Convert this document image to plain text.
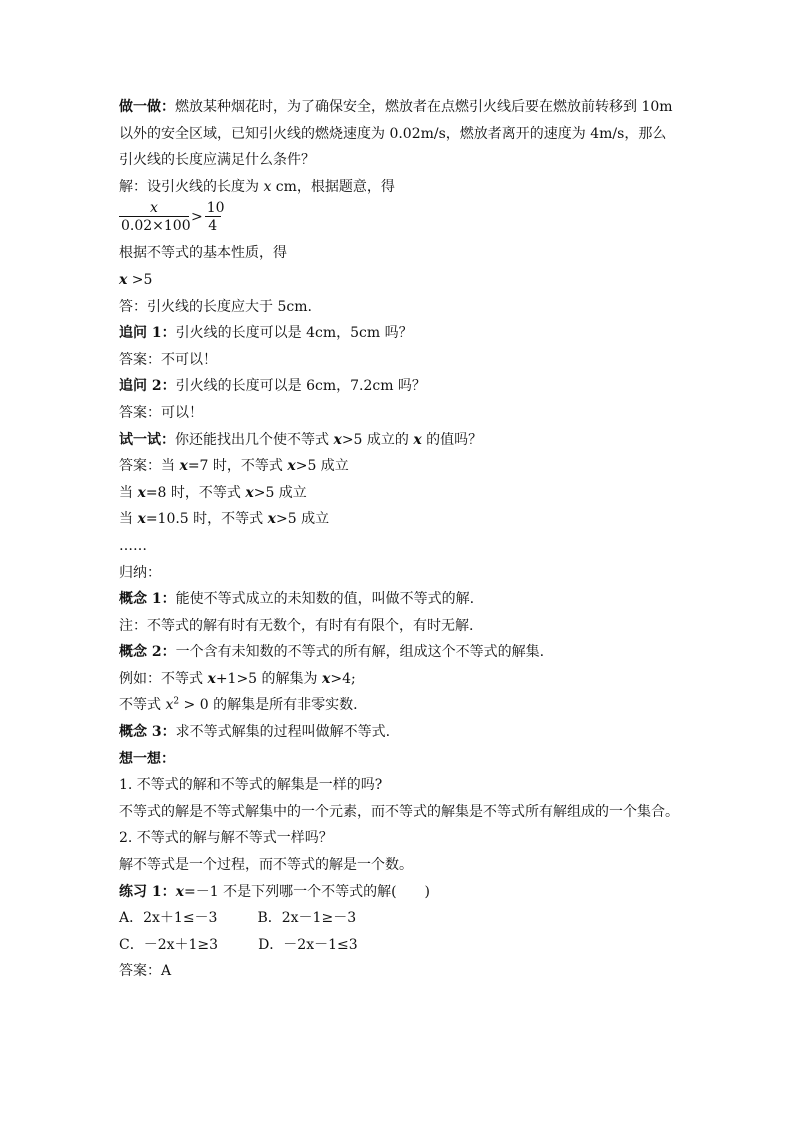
做一做：燃放某种烟花时，为了确保安全，燃放者在点燃引火线后要在燃放前转移到 10m 以外的安全区域，已知引火线的燃烧速度为 0.02m/s，燃放者离开的速度为 4m/s，那么引火线的长度应满足什么条件？
解：设引火线的长度为 x cm，根据题意，得
$\frac{x}{0.02\times 100} > \frac{10}{4}$
根据不等式的基本性质，得
x >5
答：引火线的长度应大于 5cm.
追问 1：引火线的长度可以是 4cm，5cm 吗？
答案：不可以！
追问 2：引火线的长度可以是 6cm，7.2cm 吗？
答案：可以！
试一试：你还能找出几个使不等式 x>5 成立的 x 的值吗？
答案：当 x=7 时，不等式 x>5 成立
当 x=8 时，不等式 x>5 成立
当 x=10.5 时，不等式 x>5 成立
……
归纳：
概念 1：能使不等式成立的未知数的值，叫做不等式的解.
注：不等式的解有时有无数个，有时有有限个，有时无解.
概念 2：一个含有未知数的不等式的所有解，组成这个不等式的解集.
例如：不等式 x+1>5 的解集为 x>4;
不等式 $x^2 > 0$ 的解集是所有非零实数.
概念 3：求不等式解集的过程叫做解不等式.
想一想：
1. 不等式的解和不等式的解集是一样的吗?
不等式的解是不等式解集中的一个元素，而不等式的解集是不等式所有解组成的一个集合。
2. 不等式的解与解不等式一样吗？
解不等式是一个过程，而不等式的解是一个数。
练习 1：x=－1 不是下列哪一个不等式的解(　　)
A．2x＋1≤－3	B．2x－1≥－3
C．－2x＋1≥3	D．－2x－1≤3
答案：A
